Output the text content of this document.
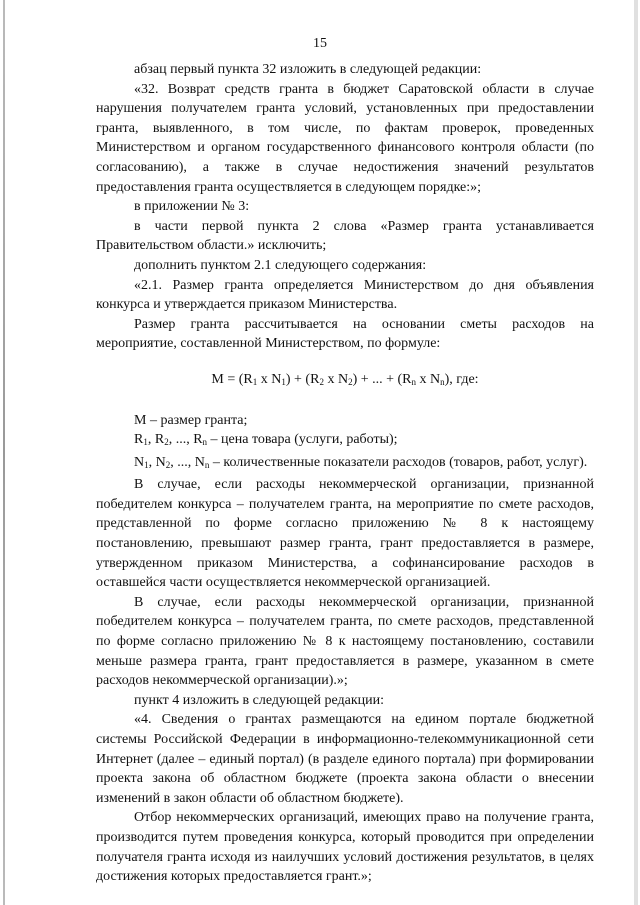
15

абзац первый пункта 32 изложить в следующей редакции:

«32. Возврат средств гранта в бюджет Саратовской области в случае нарушения получателем гранта условий, установленных при предоставлении гранта, выявленного, в том числе, по фактам проверок, проведенных Министерством и органом государственного финансового контроля области (по согласованию), а также в случае недостижения значений результатов предоставления гранта осуществляется в следующем порядке:»;

в приложении № 3:

в части первой пункта 2 слова «Размер гранта устанавливается Правительством области.» исключить;

дополнить пунктом 2.1 следующего содержания:

«2.1. Размер гранта определяется Министерством до дня объявления конкурса и утверждается приказом Министерства.

Размер гранта рассчитывается на основании сметы расходов на мероприятие, составленной Министерством, по формуле:

$M = (R_1$ x $N_1) + (R_2$ x $N_2$) + ... + ($R_n$ x $N_n$), где:

М – размер гранта;

$R_1$, $R_2$, ..., $R_n$ – цена товара (услуги, работы);

$N_1$, $N_2$, ..., $N_n$ – количественные показатели расходов (товаров, работ, услуг).

В случае, если расходы некоммерческой организации, признанной победителем конкурса – получателем гранта, на мероприятие по смете расходов, представленной по форме согласно приложению № 8 к настоящему постановлению, превышают размер гранта, грант предоставляется в размере, утвержденном приказом Министерства, а софинансирование расходов в оставшейся части осуществляется некоммерческой организацией.

В случае, если расходы некоммерческой организации, признанной победителем конкурса – получателем гранта, по смете расходов, представленной по форме согласно приложению № 8 к настоящему постановлению, составили меньше размера гранта, грант предоставляется в размере, указанном в смете расходов некоммерческой организации).»;

пункт 4 изложить в следующей редакции:

«4. Сведения о грантах размещаются на едином портале бюджетной системы Российской Федерации в информационно-телекоммуникационной сети Интернет (далее – единый портал) (в разделе единого портала) при формировании проекта закона об областном бюджете (проекта закона области о внесении изменений в закон области об областном бюджете).

Отбор некоммерческих организаций, имеющих право на получение гранта, производится путем проведения конкурса, который проводится при определении получателя гранта исходя из наилучших условий достижения результатов, в целях достижения которых предоставляется грант.»;
